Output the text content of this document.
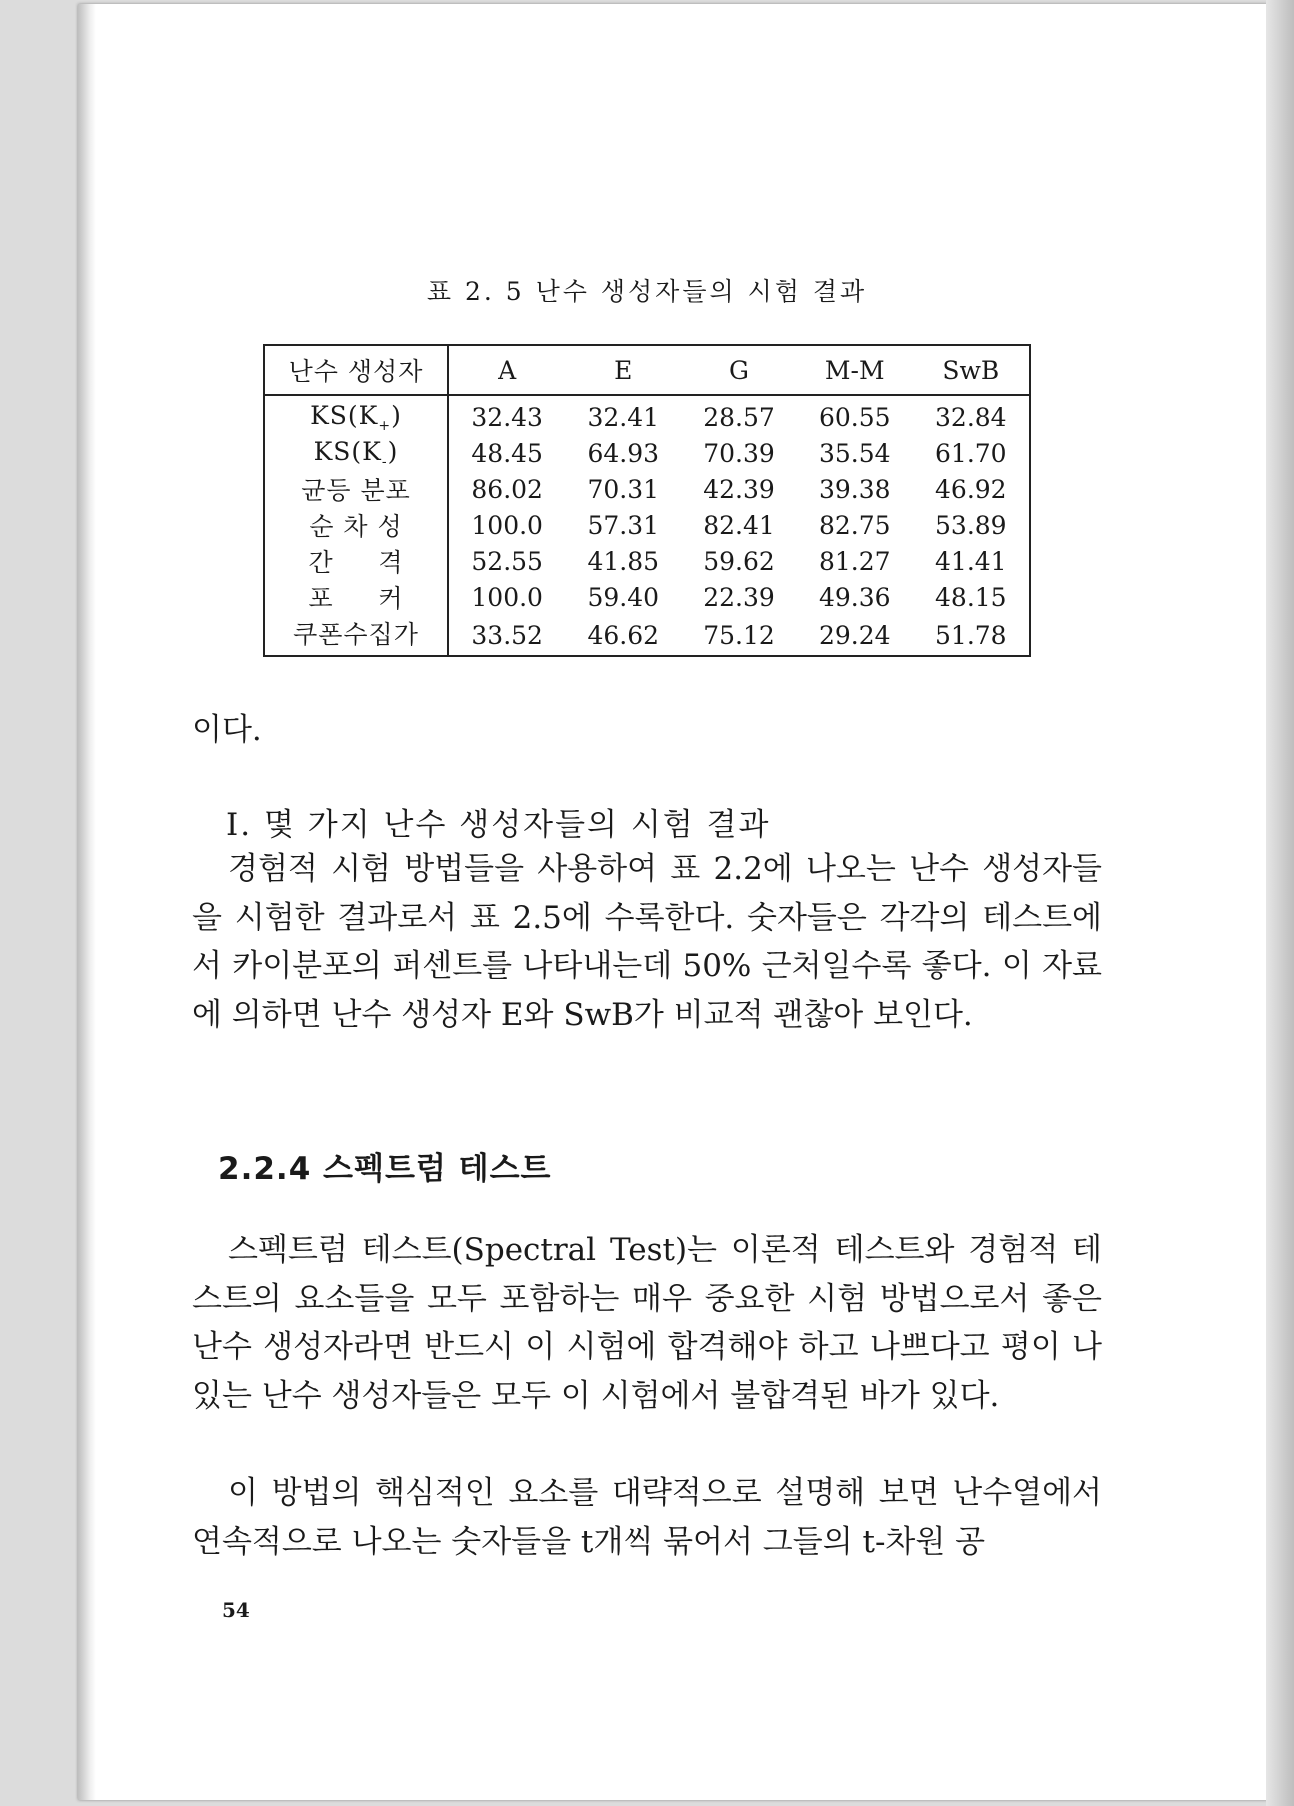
표 2. 5 난수 생성자들의 시험 결과
난수 생성자	A	E	G	M-M	SwB
$KS(K_+)$	32.43	32.41	28.57	60.55	32.84
$KS(K_-)$	48.45	64.93	70.39	35.54	61.70
균등 분포	86.02	70.31	42.39	39.38	46.92
순 차 성	100.0	57.31	82.41	82.75	53.89
간     격	52.55	41.85	59.62	81.27	41.41
포     커	100.0	59.40	22.39	49.36	48.15
쿠폰수집가	33.52	46.62	75.12	29.24	51.78

이다.

I. 몇 가지 난수 생성자들의 시험 결과

경험적 시험 방법들을 사용하여 표 2.2에 나오는 난수 생성자들을 시험한 결과로서 표 2.5에 수록한다. 숫자들은 각각의 테스트에서 카이분포의 퍼센트를 나타내는데 50% 근처일수록 좋다. 이 자료에 의하면 난수 생성자 E와 SwB가 비교적 괜찮아 보인다.

2.2.4 스펙트럼 테스트

스펙트럼 테스트(Spectral Test)는 이론적 테스트와 경험적 테스트의 요소들을 모두 포함하는 매우 중요한 시험 방법으로서 좋은 난수 생성자라면 반드시 이 시험에 합격해야 하고 나쁘다고 평이 나있는 난수 생성자들은 모두 이 시험에서 불합격된 바가 있다.

이 방법의 핵심적인 요소를 대략적으로 설명해 보면 난수열에서 연속적으로 나오는 숫자들을 t개씩 묶어서 그들의 t-차원 공

54
